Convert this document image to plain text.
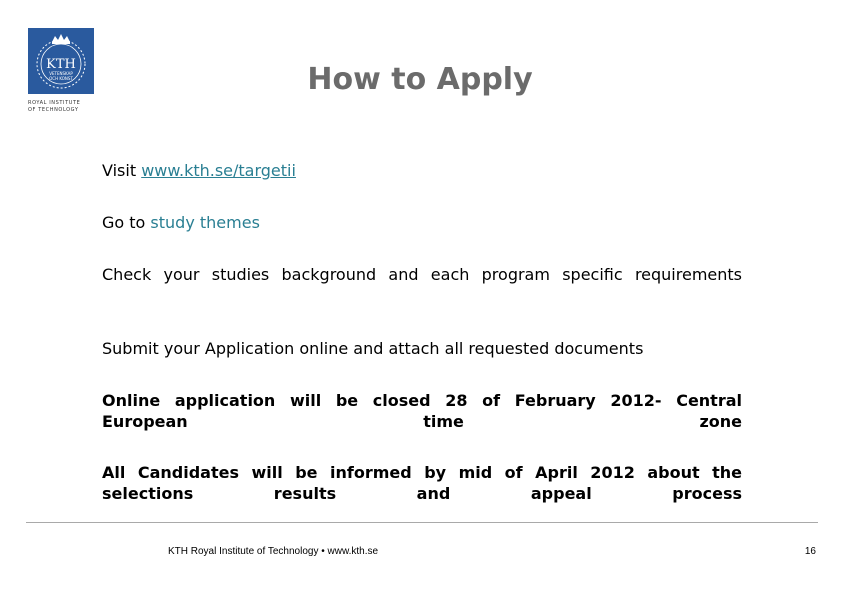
KTH
VETENSKAP
OCH KONST
ROYAL INSTITUTE
OF TECHNOLOGY
How to Apply

Visit www.kth.se/targetii

Go to study themes

Check your studies background and each program specific requirements

Submit your Application online and attach all requested documents

Online application will be closed 28 of February 2012- Central European time zone

All Candidates will be informed by mid of April 2012 about the selections results and appeal process

KTH Royal Institute of Technology • www.kth.se	16
